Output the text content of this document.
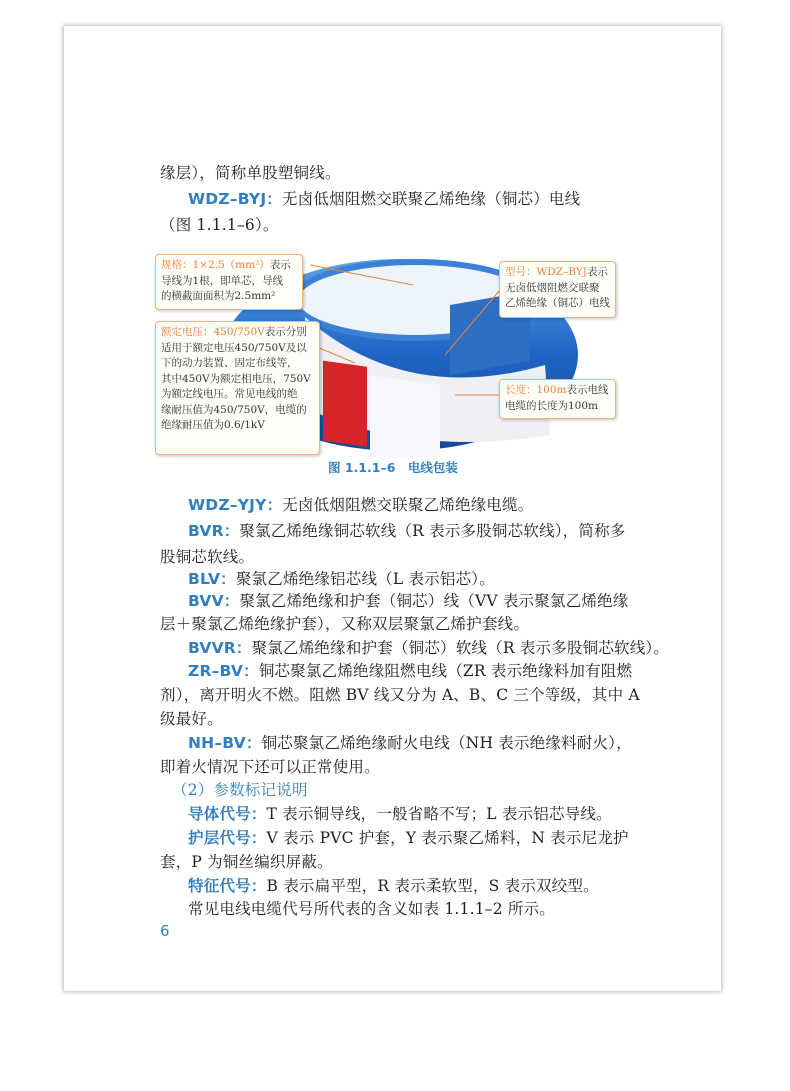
缘层），简称单股塑铜线。
WDZ–BYJ：无卤低烟阻燃交联聚乙烯绝缘（铜芯）电线
（图 1.1.1–6）。
规格：1×2.5（mm²）表示
导线为1根，即单芯，导线
的横截面面积为2.5mm²
额定电压：450/750V表示分别
适用于额定电压450/750V及以
下的动力装置、固定布线等，
其中450V为额定相电压，750V
为额定线电压。常见电线的绝
缘耐压值为450/750V，电缆的
绝缘耐压值为0.6/1kV
型号：WDZ–BYJ表示
无卤低烟阻燃交联聚
乙烯绝缘（铜芯）电线
长度：100m表示电线
电缆的长度为100m
图 1.1.1–6　电线包装
WDZ–YJY：无卤低烟阻燃交联聚乙烯绝缘电缆。
BVR：聚氯乙烯绝缘铜芯软线（R 表示多股铜芯软线），简称多
股铜芯软线。
BLV：聚氯乙烯绝缘铝芯线（L 表示铝芯）。
BVV：聚氯乙烯绝缘和护套（铜芯）线（VV 表示聚氯乙烯绝缘
层＋聚氯乙烯绝缘护套），又称双层聚氯乙烯护套线。
BVVR：聚氯乙烯绝缘和护套（铜芯）软线（R 表示多股铜芯软线）。
ZR–BV：铜芯聚氯乙烯绝缘阻燃电线（ZR 表示绝缘料加有阻燃
剂），离开明火不燃。阻燃 BV 线又分为 A、B、C 三个等级，其中 A
级最好。
NH–BV：铜芯聚氯乙烯绝缘耐火电线（NH 表示绝缘料耐火），
即着火情况下还可以正常使用。
（2）参数标记说明
导体代号：T 表示铜导线，一般省略不写；L 表示铝芯导线。
护层代号：V 表示 PVC 护套，Y 表示聚乙烯料，N 表示尼龙护
套，P 为铜丝编织屏蔽。
特征代号：B 表示扁平型，R 表示柔软型，S 表示双绞型。
常见电线电缆代号所代表的含义如表 1.1.1–2 所示。
6
